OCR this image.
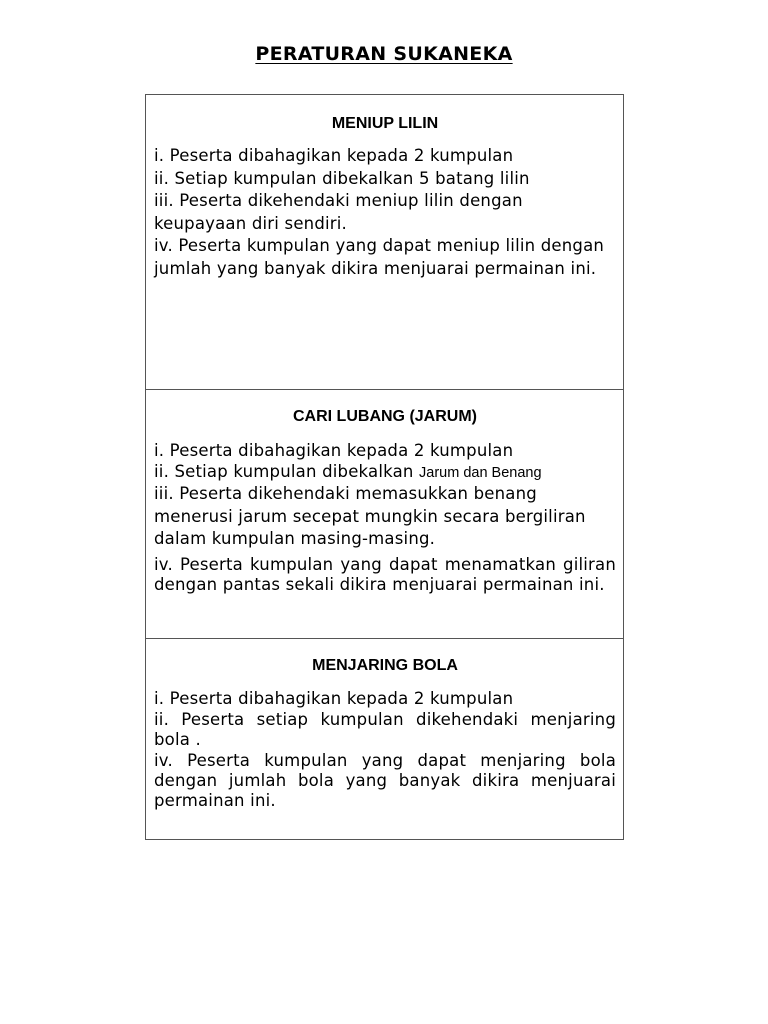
PERATURAN SUKANEKA
MENIUP LILIN

i. Peserta dibahagikan kepada 2 kumpulan

ii. Setiap kumpulan dibekalkan 5 batang lilin

iii. Peserta dikehendaki meniup lilin dengan keupayaan diri sendiri.

iv. Peserta kumpulan yang dapat meniup lilin dengan jumlah yang banyak dikira menjuarai permainan ini.

CARI LUBANG (JARUM)

i. Peserta dibahagikan kepada 2 kumpulan

ii. Setiap kumpulan dibekalkan Jarum dan Benang

iii. Peserta dikehendaki memasukkan benang menerusi jarum secepat mungkin secara bergiliran dalam kumpulan masing-masing.

iv. Peserta kumpulan yang dapat menamatkan giliran dengan pantas sekali dikira menjuarai permainan ini.

MENJARING BOLA

i. Peserta dibahagikan kepada 2 kumpulan

ii. Peserta setiap kumpulan dikehendaki menjaring bola .

iv. Peserta kumpulan yang dapat menjaring bola dengan jumlah bola yang banyak dikira menjuarai permainan ini.
